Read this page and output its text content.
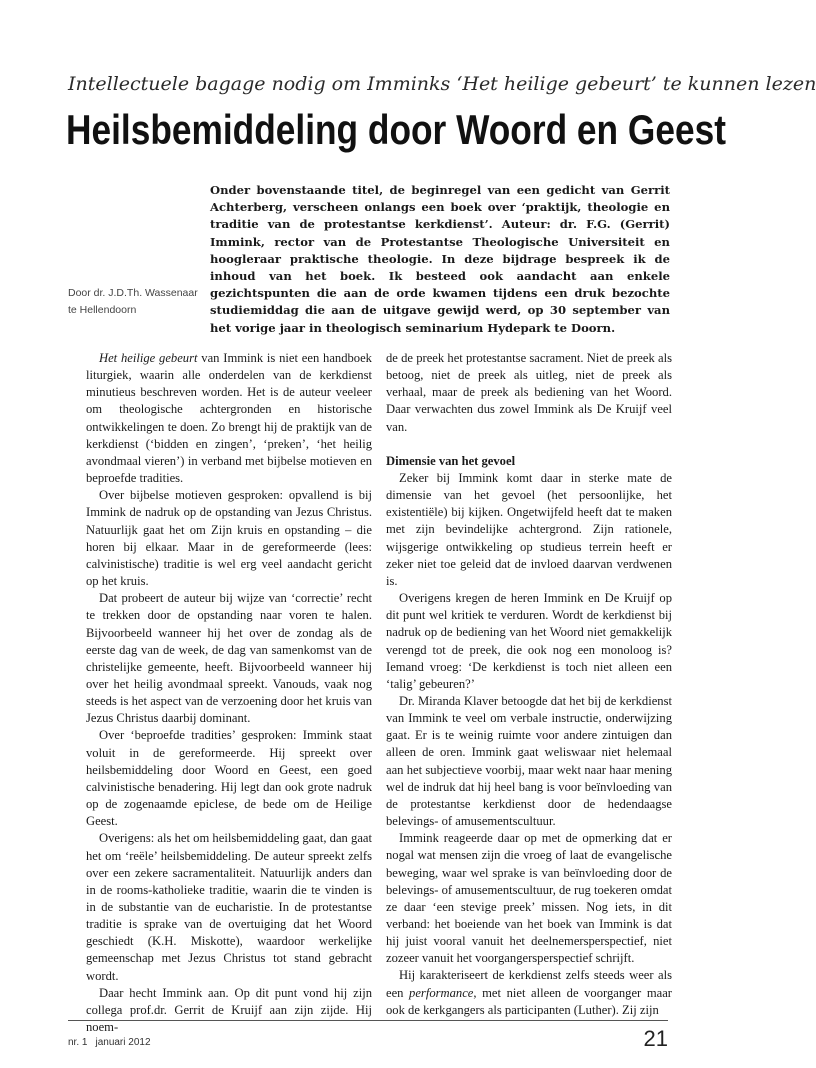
Intellectuele bagage nodig om Imminks ‘Het heilige gebeurt’ te kunnen lezen
Heilsbemiddeling door Woord en Geest
Onder bovenstaande titel, de beginregel van een gedicht van Gerrit Achterberg, verscheen onlangs een boek over ‘praktijk, theologie en traditie van de protestantse kerkdienst’. Auteur: dr. F.G. (Gerrit) Immink, rector van de Protestantse Theologische Universiteit en hoogleraar praktische theologie. In deze bijdrage bespreek ik de inhoud van het boek. Ik besteed ook aandacht aan enkele gezichtspunten die aan de orde kwamen tijdens een druk bezochte studiemiddag die aan de uitgave gewijd werd, op 30 september van het vorige jaar in theologisch seminarium Hydepark te Doorn.
Door dr. J.D.Th. Wassenaar
te Hellendoorn

Het heilige gebeurt van Immink is niet een handboek liturgiek, waarin alle onderdelen van de kerkdienst minutieus beschreven worden. Het is de auteur veeleer om theologische achtergronden en historische ontwikkelingen te doen. Zo brengt hij de praktijk van de kerkdienst (‘bidden en zingen’, ‘preken’, ‘het heilig avondmaal vieren’) in verband met bijbelse motieven en beproefde tradities.

Over bijbelse motieven gesproken: opvallend is bij Immink de nadruk op de opstanding van Jezus Christus. Natuurlijk gaat het om Zijn kruis en opstanding – die horen bij elkaar. Maar in de gereformeerde (lees: calvinistische) traditie is wel erg veel aandacht gericht op het kruis.

Dat probeert de auteur bij wijze van ‘correctie’ recht te trekken door de opstanding naar voren te halen. Bijvoorbeeld wanneer hij het over de zondag als de eerste dag van de week, de dag van samenkomst van de christelijke gemeente, heeft. Bijvoorbeeld wanneer hij over het heilig avondmaal spreekt. Vanouds, vaak nog steeds is het aspect van de verzoening door het kruis van Jezus Christus daarbij dominant.

Over ‘beproefde tradities’ gesproken: Immink staat voluit in de gereformeerde. Hij spreekt over heilsbemiddeling door Woord en Geest, een goed calvinistische benadering. Hij legt dan ook grote nadruk op de zogenaamde epiclese, de bede om de Heilige Geest.

Overigens: als het om heilsbemiddeling gaat, dan gaat het om ‘reële’ heilsbemiddeling. De auteur spreekt zelfs over een zekere sacramentaliteit. Natuurlijk anders dan in de rooms-katholieke traditie, waarin die te vinden is in de substantie van de eucharistie. In de protestantse traditie is sprake van de overtuiging dat het Woord geschiedt (K.H. Miskotte), waardoor werkelijke gemeenschap met Jezus Christus tot stand gebracht wordt.

Daar hecht Immink aan. Op dit punt vond hij zijn collega prof.dr. Gerrit de Kruijf aan zijn zijde. Hij noem-

de de preek het protestantse sacrament. Niet de preek als betoog, niet de preek als uitleg, niet de preek als verhaal, maar de preek als bediening van het Woord. Daar verwachten dus zowel Immink als De Kruijf veel van.

Dimensie van het gevoel

Zeker bij Immink komt daar in sterke mate de dimensie van het gevoel (het persoonlijke, het existentiële) bij kijken. Ongetwijfeld heeft dat te maken met zijn bevindelijke achtergrond. Zijn rationele, wijsgerige ontwikkeling op studieus terrein heeft er zeker niet toe geleid dat de invloed daarvan verdwenen is.

Overigens kregen de heren Immink en De Kruijf op dit punt wel kritiek te verduren. Wordt de kerkdienst bij nadruk op de bediening van het Woord niet gemakkelijk verengd tot de preek, die ook nog een monoloog is? Iemand vroeg: ‘De kerkdienst is toch niet alleen een ‘talig’ gebeuren?’

Dr. Miranda Klaver betoogde dat het bij de kerkdienst van Immink te veel om verbale instructie, onderwijzing gaat. Er is te weinig ruimte voor andere zintuigen dan alleen de oren. Immink gaat weliswaar niet helemaal aan het subjectieve voorbij, maar wekt naar haar mening wel de indruk dat hij heel bang is voor beïnvloeding van de protestantse kerkdienst door de hedendaagse belevings- of amusementscultuur.

Immink reageerde daar op met de opmerking dat er nogal wat mensen zijn die vroeg of laat de evangelische beweging, waar wel sprake is van beïnvloeding door de belevings- of amusementscultuur, de rug toekeren omdat ze daar ‘een stevige preek’ missen. Nog iets, in dit verband: het boeiende van het boek van Immink is dat hij juist vooral vanuit het deelnemersperspectief, niet zozeer vanuit het voorgangersperspectief schrijft.

Hij karakteriseert de kerkdienst zelfs steeds weer als een performance, met niet alleen de voorganger maar ook de kerkgangers als participanten (Luther). Zij zijn

nr. 1 januari 2012	21
